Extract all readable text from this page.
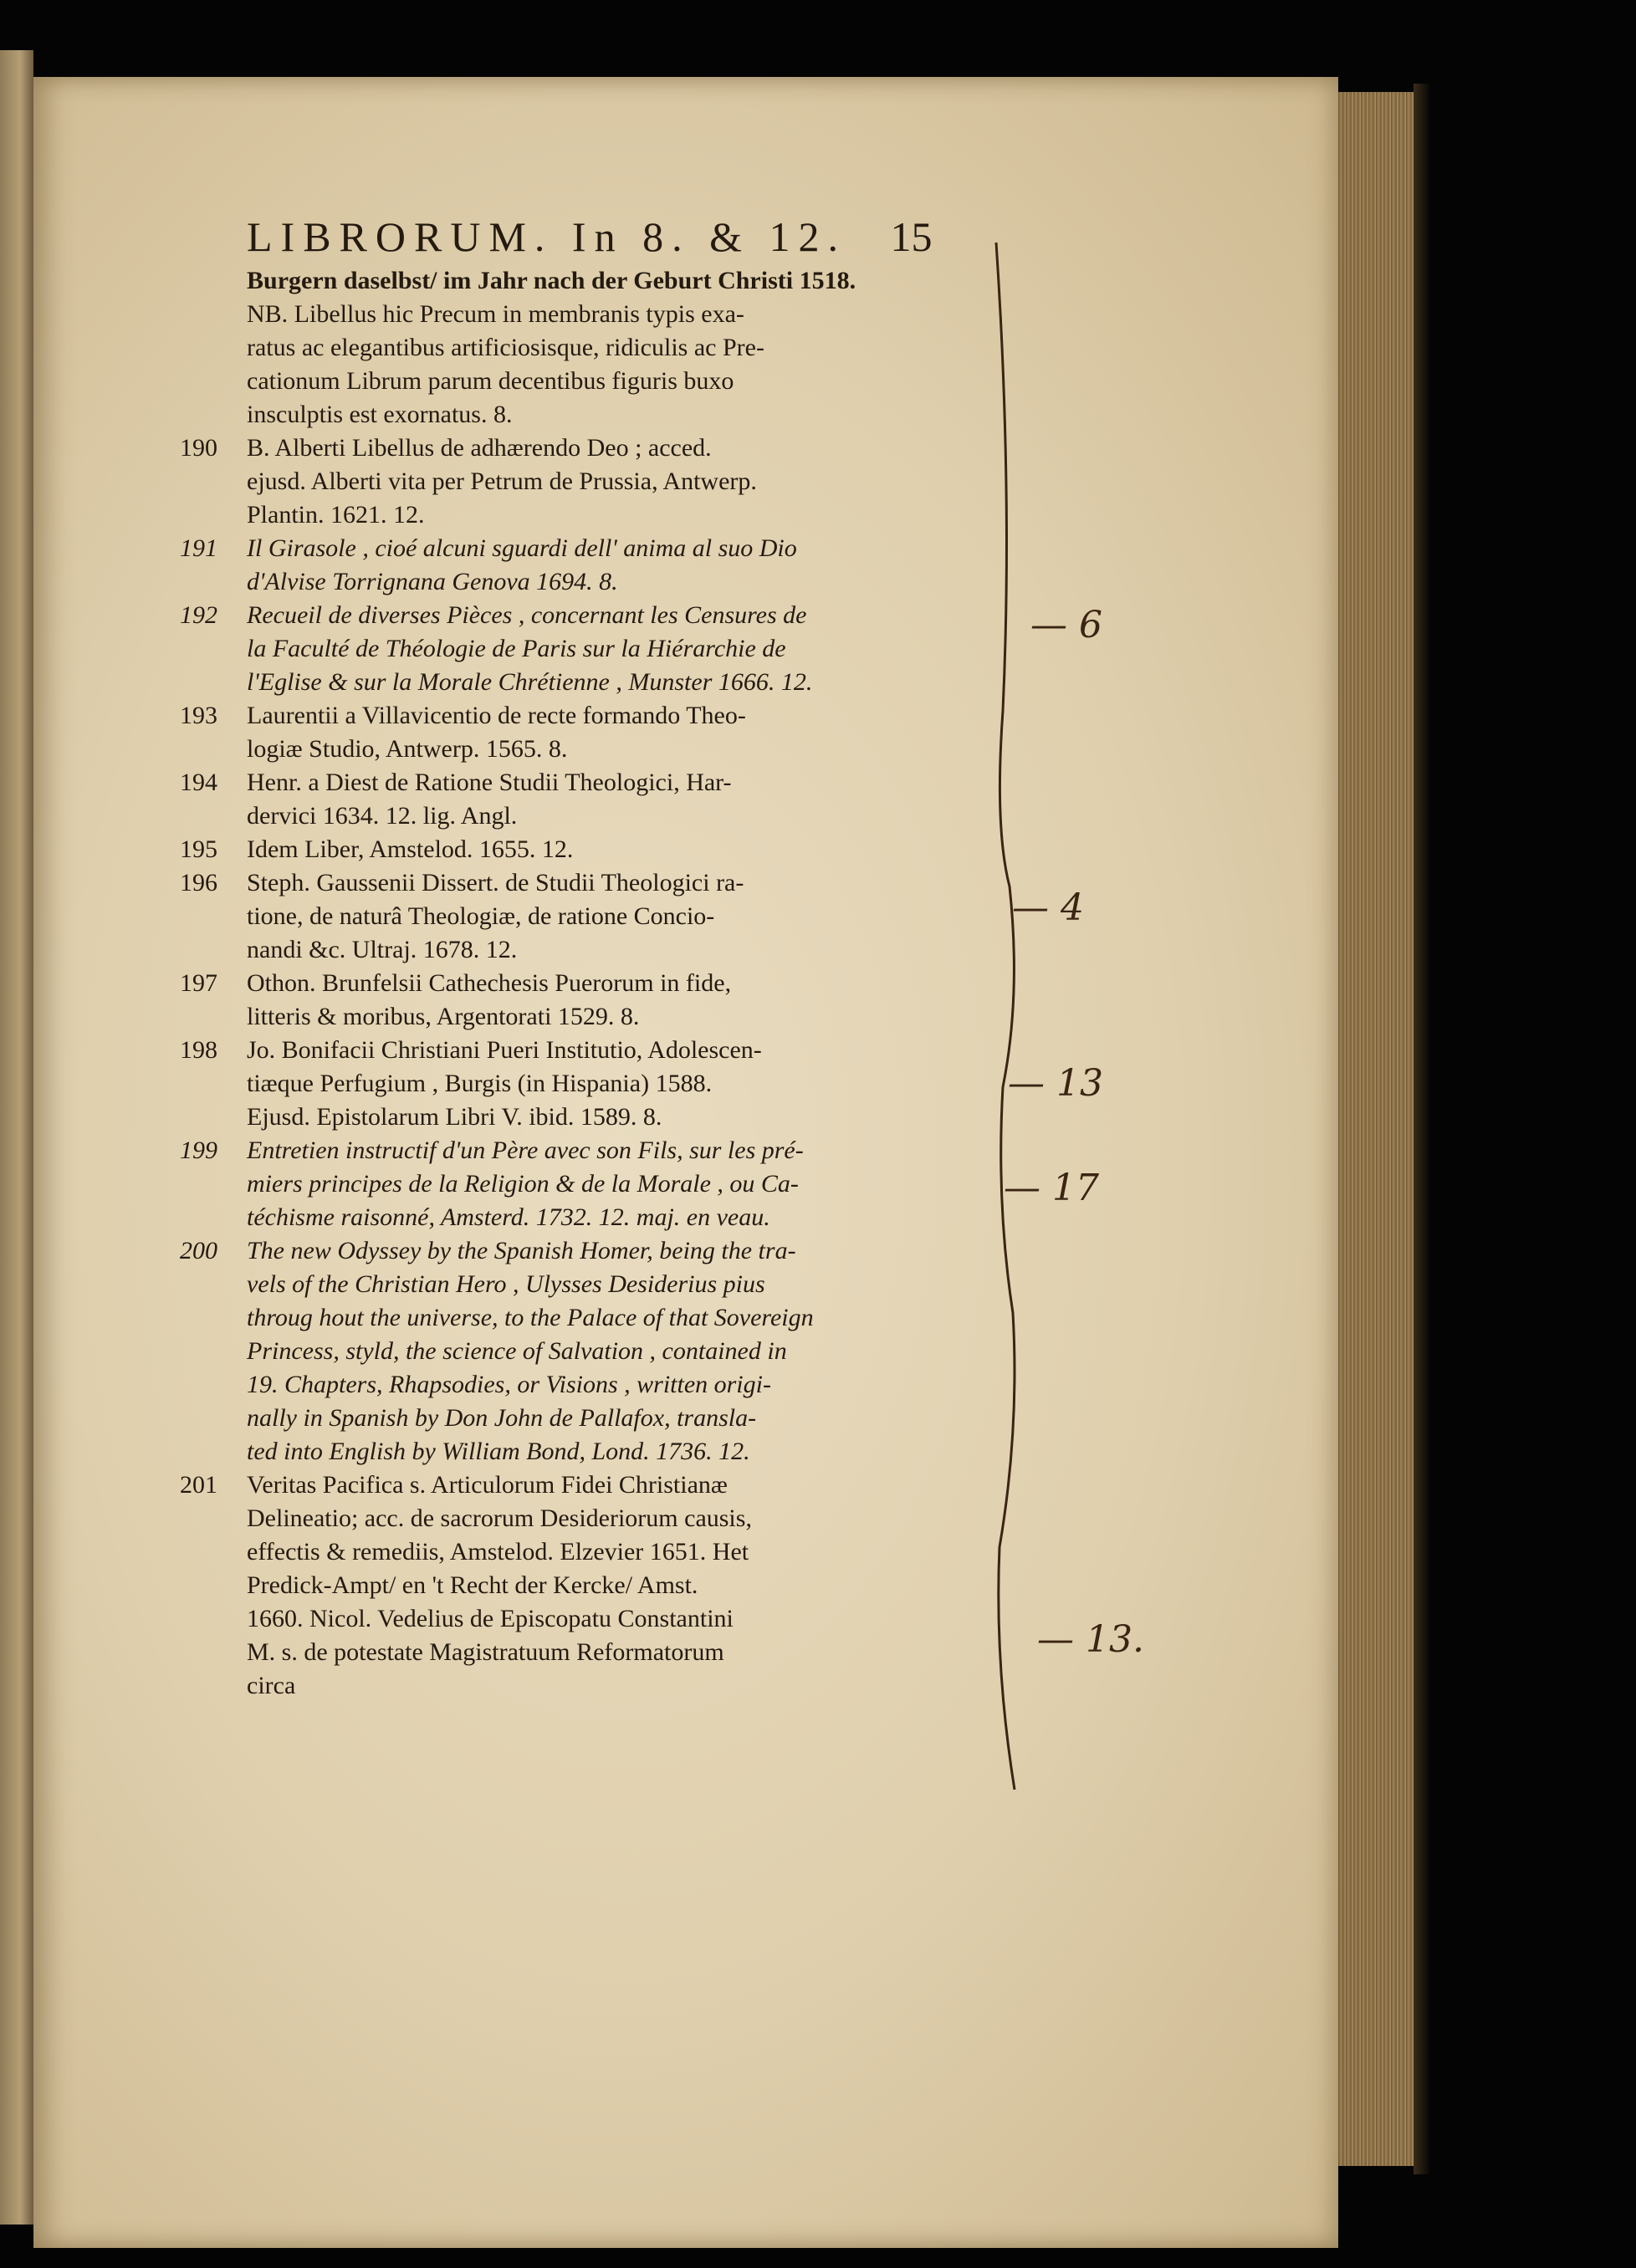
LIBRORUM. In 8. & 12. 15
Burgern daselbst/ im Jahr nach der Geburt Christi 1518.
NB. Libellus hic Precum in membranis typis exa-
ratus ac elegantibus artificiosisque, ridiculis ac Pre-
cationum Librum parum decentibus figuris buxo
insculptis est exornatus. 8.
190 B. Alberti Libellus de adhærendo Deo ; acced.
ejusd. Alberti vita per Petrum de Prussia, Antwerp.
Plantin. 1621. 12.
191 Il Girasole , cioé alcuni sguardi dell' anima al suo Dio
d'Alvise Torrignana Genova 1694. 8.
192 Recueil de diverses Pièces , concernant les Censures de
la Faculté de Théologie de Paris sur la Hiérarchie de
l'Eglise & sur la Morale Chrétienne , Munster 1666. 12.
193 Laurentii a Villavicentio de recte formando Theo-
logiæ Studio, Antwerp. 1565. 8.
194 Henr. a Diest de Ratione Studii Theologici, Har-
dervici 1634. 12. lig. Angl.
195 Idem Liber, Amstelod. 1655. 12.
196 Steph. Gaussenii Dissert. de Studii Theologici ra-
tione, de naturâ Theologiæ, de ratione Concio-
nandi &c. Ultraj. 1678. 12.
197 Othon. Brunfelsii Cathechesis Puerorum in fide,
litteris & moribus, Argentorati 1529. 8.
198 Jo. Bonifacii Christiani Pueri Institutio, Adolescen-
tiæque Perfugium , Burgis (in Hispania) 1588.
Ejusd. Epistolarum Libri V. ibid. 1589. 8.
199 Entretien instructif d'un Père avec son Fils, sur les pré-
miers principes de la Religion & de la Morale , ou Ca-
téchisme raisonné, Amsterd. 1732. 12. maj. en veau.
200 The new Odyssey by the Spanish Homer, being the tra-
vels of the Christian Hero , Ulysses Desiderius pius
throug hout the universe, to the Palace of that Sovereign
Princess, styld, the science of Salvation , contained in
19. Chapters, Rhapsodies, or Visions , written origi-
nally in Spanish by Don John de Pallafox, transla-
ted into English by William Bond, Lond. 1736. 12.
201 Veritas Pacifica s. Articulorum Fidei Christianæ
Delineatio; acc. de sacrorum Desideriorum causis,
effectis & remediis, Amstelod. Elzevier 1651. Het
Predick-Ampt/ en 't Recht der Kercke/ Amst.
1660. Nicol. Vedelius de Episcopatu Constantini
M. s. de potestate Magistratuum Reformatorum
circa
— 6
— 4
— 13
— 17
— 13.
